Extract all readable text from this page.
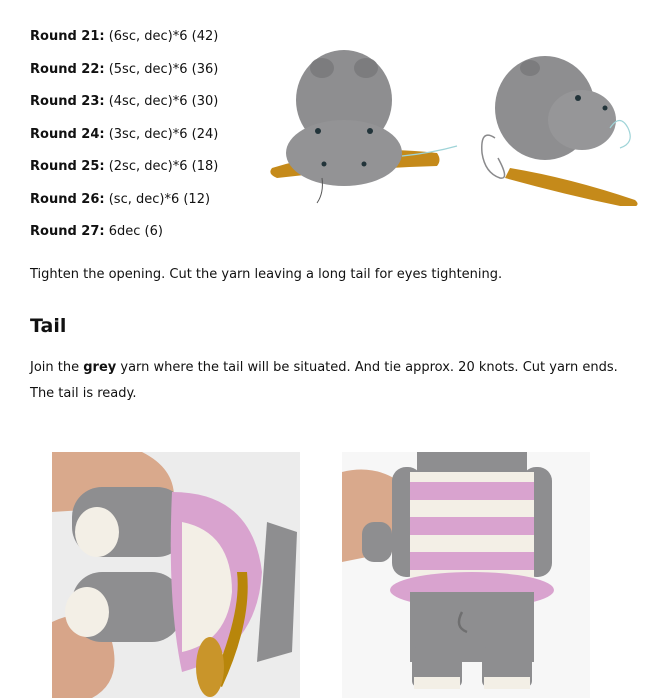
Round 21: (6sc, dec)*6 (42)
Round 22: (5sc, dec)*6 (36)
Round 23: (4sc, dec)*6 (30)
Round 24: (3sc, dec)*6 (24)
Round 25: (2sc, dec)*6 (18)
Round 26: (sc, dec)*6 (12)
Round 27: 6dec (6)
Tighten the opening. Cut the yarn leaving a long tail for eyes tightening.
Tail
Join the grey yarn where the tail will be situated. And tie approx. 20 knots. Cut yarn ends. The tail is ready.
